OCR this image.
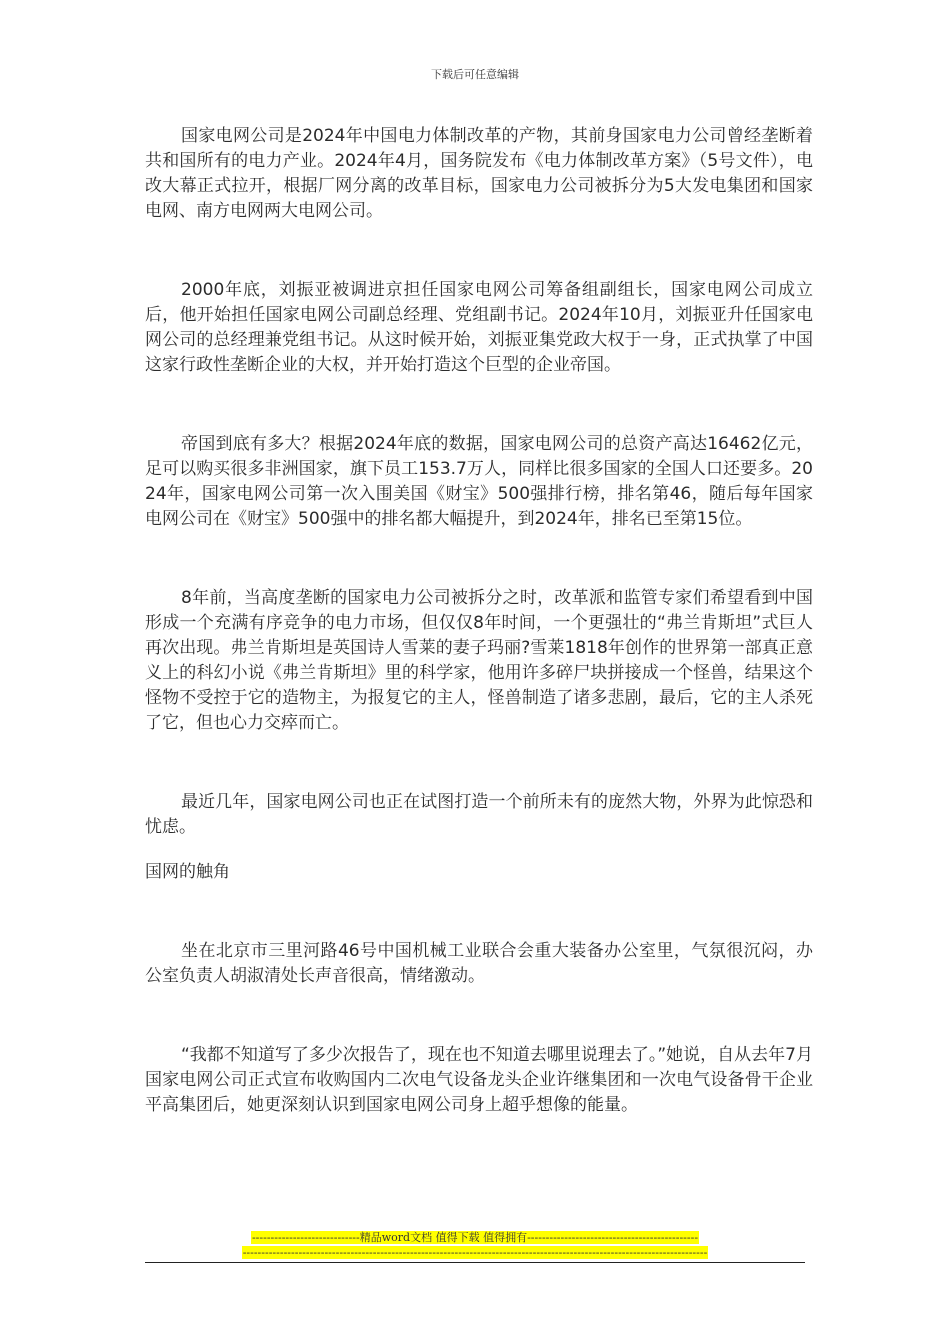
下载后可任意编辑

国家电网公司是2024年中国电力体制改革的产物，其前身国家电力公司曾经垄断着共和国所有的电力产业。2024年4月，国务院发布《电力体制改革方案》（5号文件），电改大幕正式拉开，根据厂网分离的改革目标，国家电力公司被拆分为5大发电集团和国家电网、南方电网两大电网公司。

2000年底，刘振亚被调进京担任国家电网公司筹备组副组长，国家电网公司成立后，他开始担任国家电网公司副总经理、党组副书记。2024年10月，刘振亚升任国家电网公司的总经理兼党组书记。从这时候开始，刘振亚集党政大权于一身，正式执掌了中国这家行政性垄断企业的大权，并开始打造这个巨型的企业帝国。

帝国到底有多大？根据2024年底的数据，国家电网公司的总资产高达16462亿元，足可以购买很多非洲国家，旗下员工153.7万人，同样比很多国家的全国人口还要多。2024年，国家电网公司第一次入围美国《财宝》500强排行榜，排名第46，随后每年国家电网公司在《财宝》500强中的排名都大幅提升，到2024年，排名已至第15位。

8年前，当高度垄断的国家电力公司被拆分之时，改革派和监管专家们希望看到中国形成一个充满有序竞争的电力市场，但仅仅8年时间，一个更强壮的“弗兰肯斯坦”式巨人再次出现。弗兰肯斯坦是英国诗人雪莱的妻子玛丽?雪莱1818年创作的世界第一部真正意义上的科幻小说《弗兰肯斯坦》里的科学家，他用许多碎尸块拼接成一个怪兽，结果这个怪物不受控于它的造物主，为报复它的主人，怪兽制造了诸多悲剧，最后，它的主人杀死了它，但也心力交瘁而亡。

最近几年，国家电网公司也正在试图打造一个前所未有的庞然大物，外界为此惊恐和忧虑。

国网的触角

坐在北京市三里河路46号中国机械工业联合会重大装备办公室里，气氛很沉闷，办公室负责人胡淑清处长声音很高，情绪激动。

“我都不知道写了多少次报告了，现在也不知道去哪里说理去了。”她说，自从去年7月国家电网公司正式宣布收购国内二次电气设备龙头企业许继集团和一次电气设备骨干企业平高集团后，她更深刻认识到国家电网公司身上超乎想像的能量。

-----------------------------精品word文档 值得下载 值得拥有----------------------------------------------
-----------------------------------------------------------------------------------------------------------------------------
